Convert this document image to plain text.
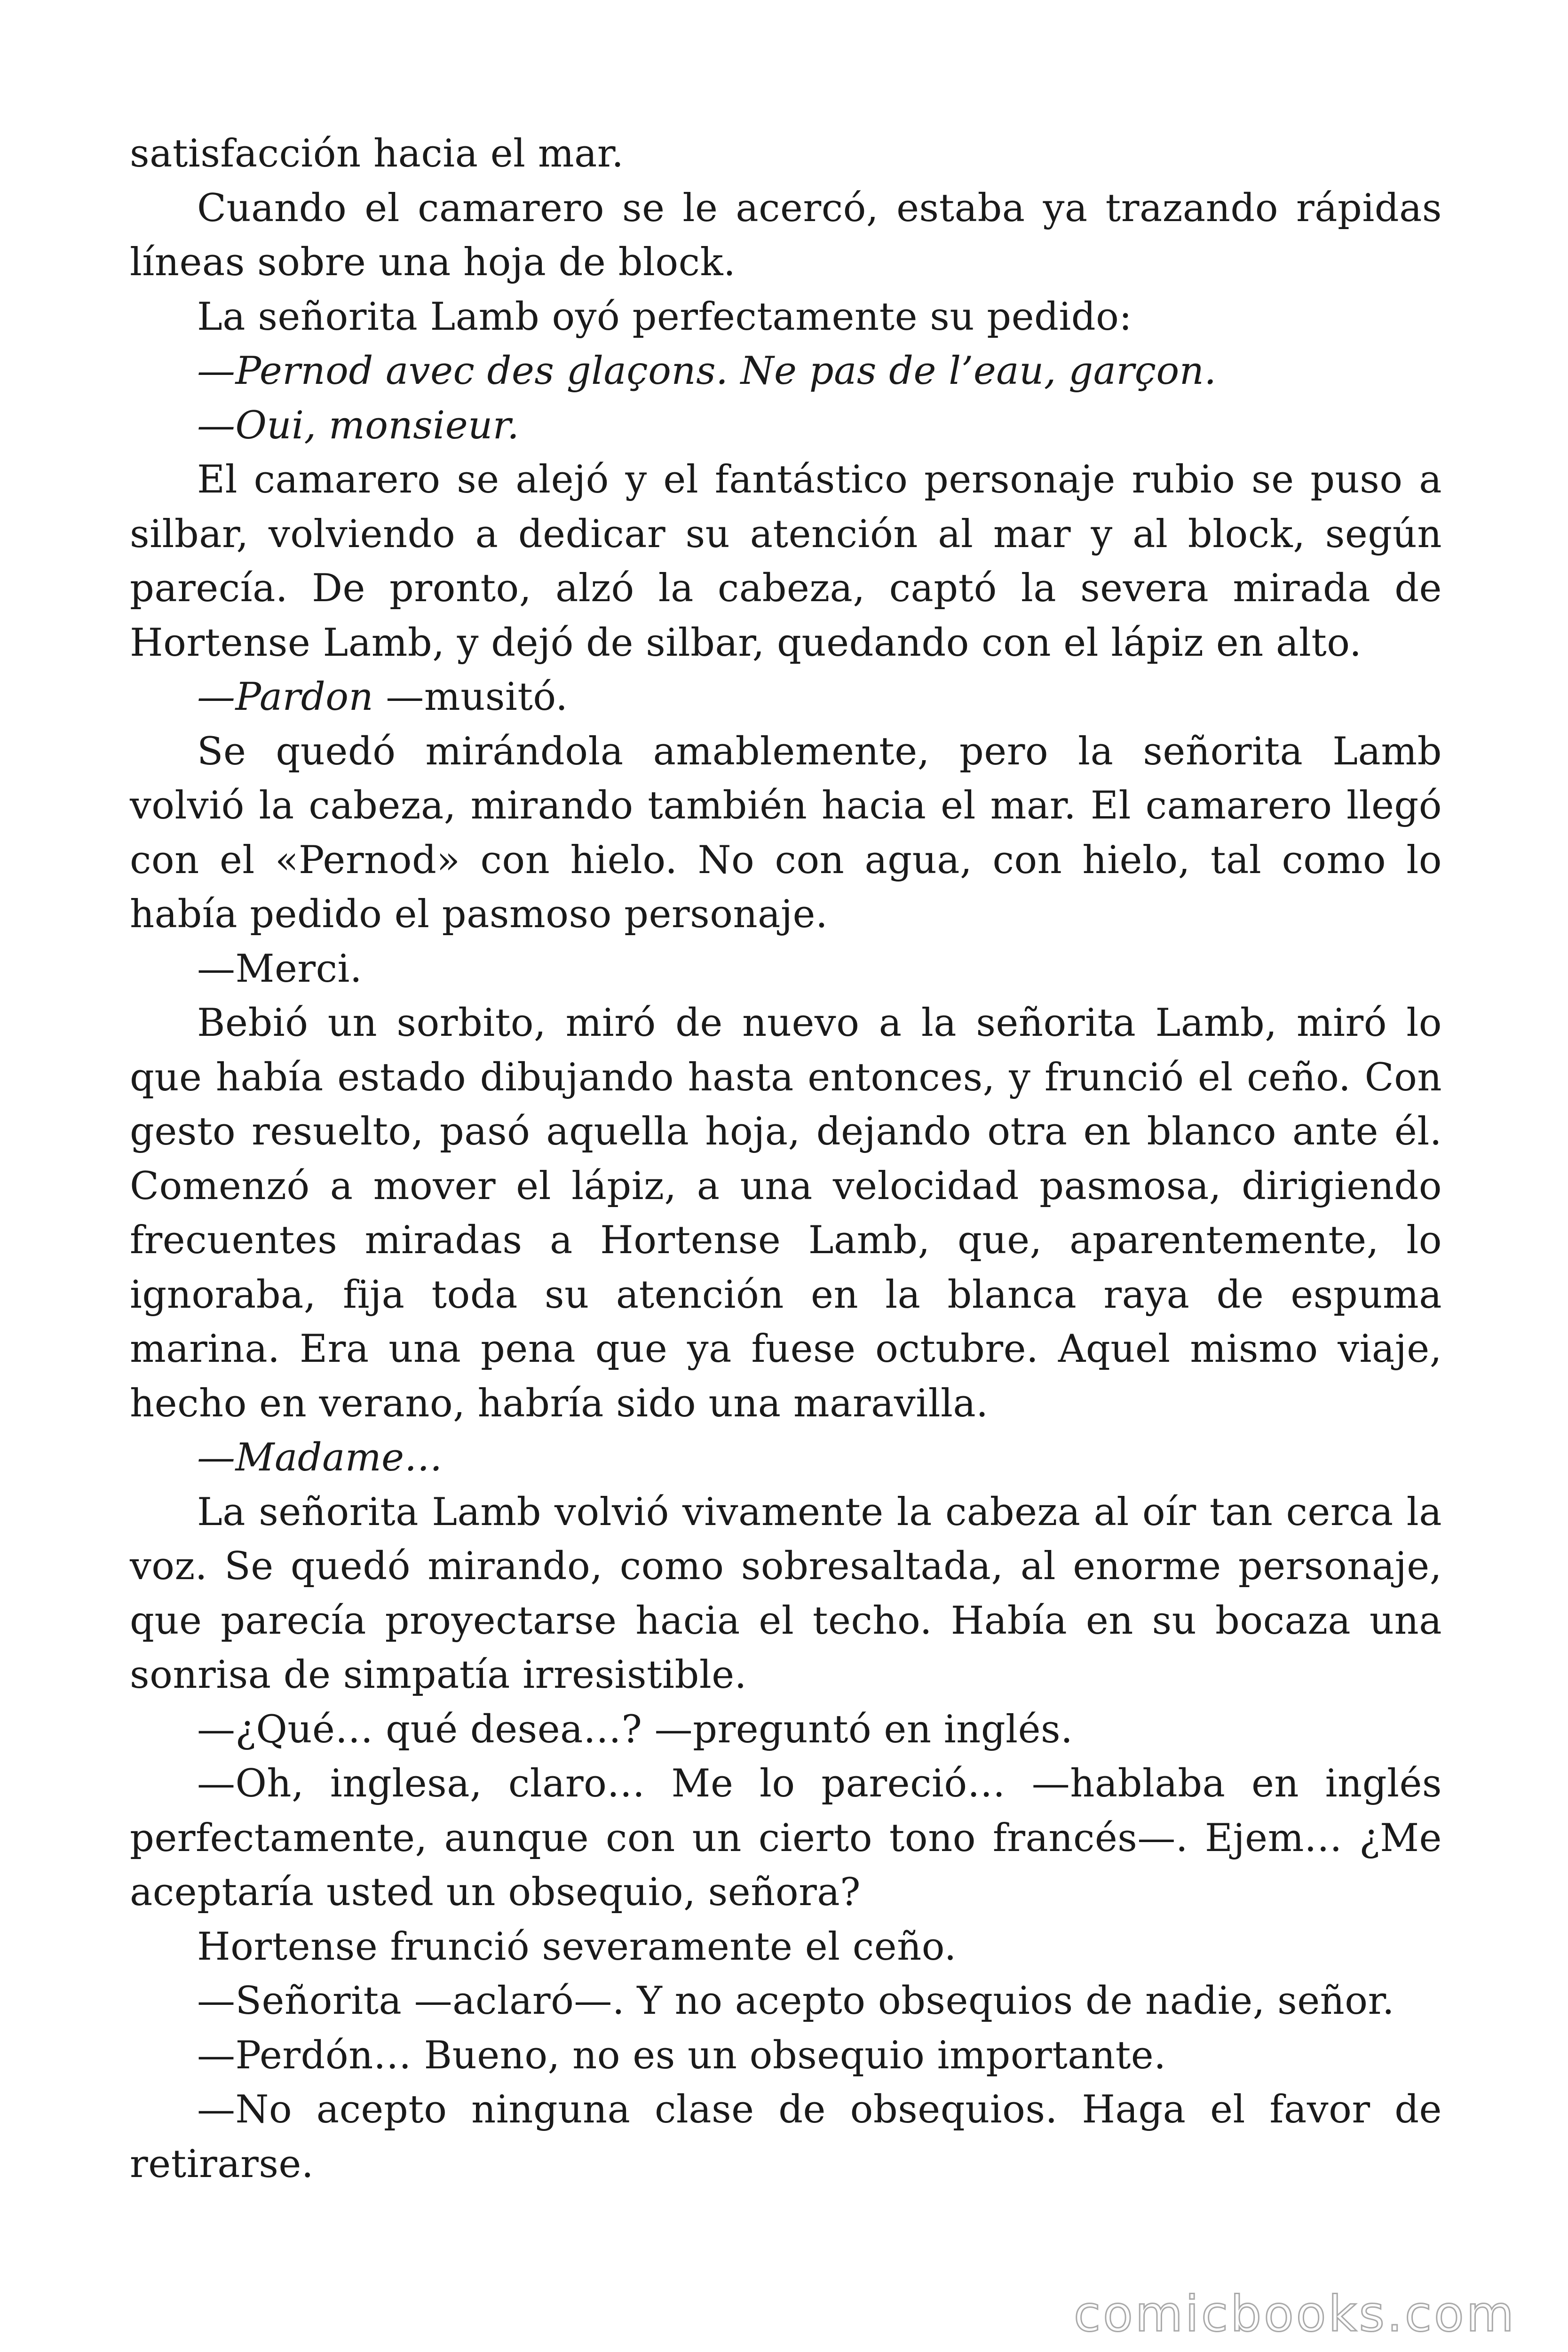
satisfacción hacia el mar.

Cuando el camarero se le acercó, estaba ya trazando rápidas líneas sobre una hoja de block.

La señorita Lamb oyó perfectamente su pedido:

—Pernod avec des glaçons. Ne pas de l’eau, garçon.

—Oui, monsieur.

El camarero se alejó y el fantástico personaje rubio se puso a silbar, volviendo a dedicar su atención al mar y al block, según parecía. De pronto, alzó la cabeza, captó la severa mirada de Hortense Lamb, y dejó de silbar, quedando con el lápiz en alto.

—Pardon —musitó.

Se quedó mirándola amablemente, pero la señorita Lamb volvió la cabeza, mirando también hacia el mar. El camarero llegó con el «Pernod» con hielo. No con agua, con hielo, tal como lo había pedido el pasmoso personaje.

—Merci.

Bebió un sorbito, miró de nuevo a la señorita Lamb, miró lo que había estado dibujando hasta entonces, y frunció el ceño. Con gesto resuelto, pasó aquella hoja, dejando otra en blanco ante él. Comenzó a mover el lápiz, a una velocidad pasmosa, dirigiendo frecuentes miradas a Hortense Lamb, que, aparentemente, lo ignoraba, fija toda su atención en la blanca raya de espuma marina. Era una pena que ya fuese octubre. Aquel mismo viaje, hecho en verano, habría sido una maravilla.

—Madame…

La señorita Lamb volvió vivamente la cabeza al oír tan cerca la voz. Se quedó mirando, como sobresaltada, al enorme personaje, que parecía proyectarse hacia el techo. Había en su bocaza una sonrisa de simpatía irresistible.

—¿Qué… qué desea…? —preguntó en inglés.

—Oh, inglesa, claro… Me lo pareció… —hablaba en inglés perfectamente, aunque con un cierto tono francés—. Ejem… ¿Me aceptaría usted un obsequio, señora?

Hortense frunció severamente el ceño.

—Señorita —aclaró—. Y no acepto obsequios de nadie, señor.

—Perdón… Bueno, no es un obsequio importante.

—No acepto ninguna clase de obsequios. Haga el favor de retirarse.

comicbooks.com
